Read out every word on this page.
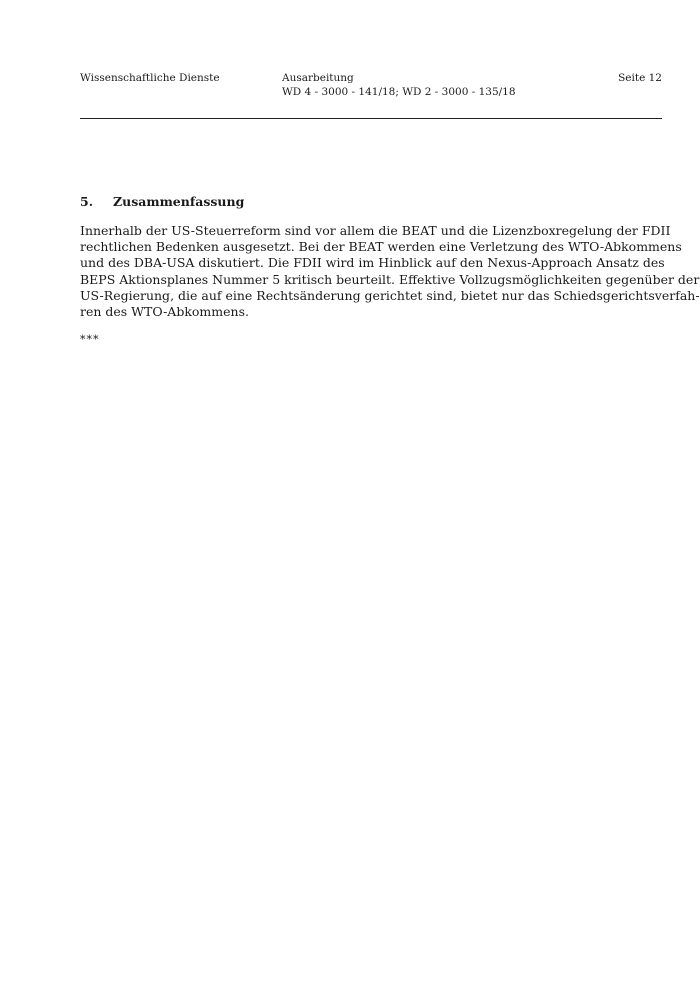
Wissenschaftliche Dienste	Ausarbeitung
WD 4 - 3000 - 141/18; WD 2 - 3000 - 135/18
Seite 12
5. Zusammenfassung
Innerhalb der US-Steuerreform sind vor allem die BEAT und die Lizenzboxregelung der FDII
rechtlichen Bedenken ausgesetzt. Bei der BEAT werden eine Verletzung des WTO-Abkommens
und des DBA-USA diskutiert. Die FDII wird im Hinblick auf den Nexus-Approach Ansatz des
BEPS Aktionsplanes Nummer 5 kritisch beurteilt. Effektive Vollzugsmöglichkeiten gegenüber der
US-Regierung, die auf eine Rechtsänderung gerichtet sind, bietet nur das Schiedsgerichtsverfah-
ren des WTO-Abkommens.
***
